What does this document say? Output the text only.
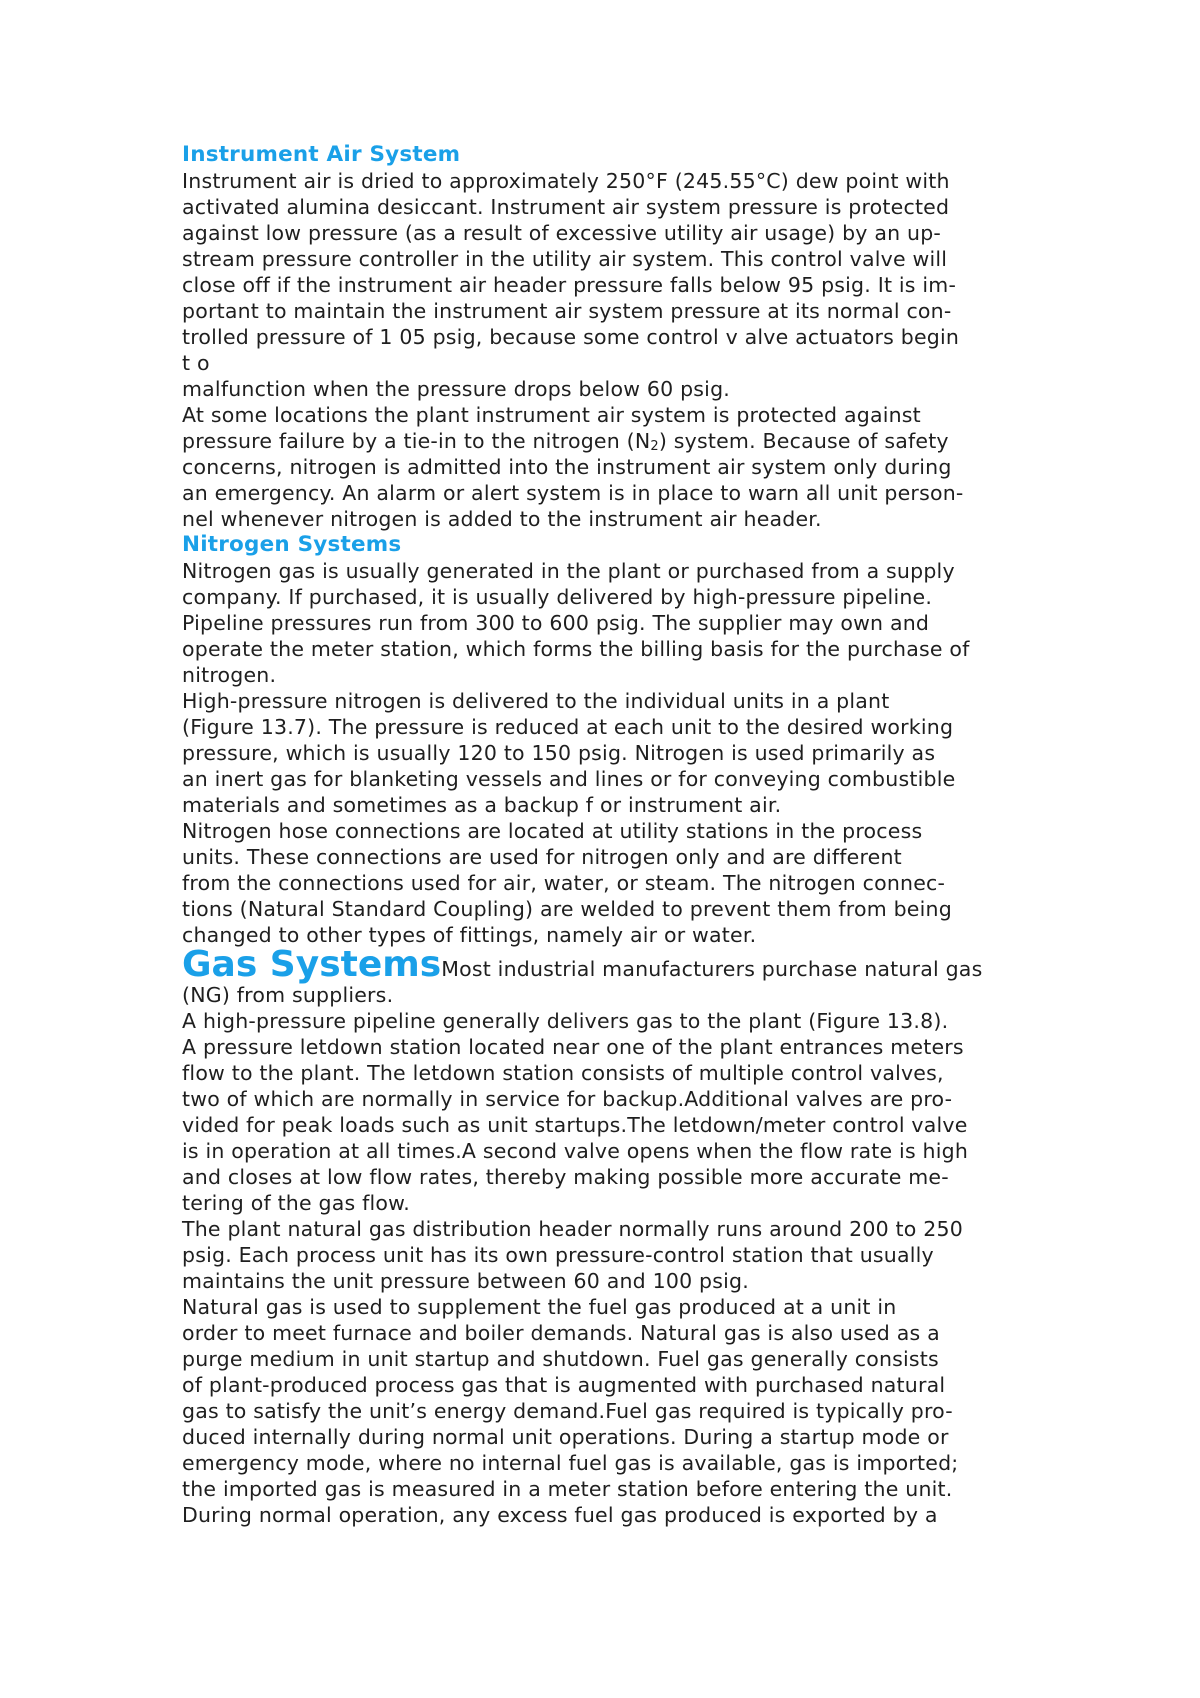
Instrument Air System
Instrument air is dried to approximately 250°F (245.55°C) dew point with
activated alumina desiccant. Instrument air system pressure is protected
against low pressure (as a result of excessive utility air usage) by an up-
stream pressure controller in the utility air system. This control valve will
close off if the instrument air header pressure falls below 95 psig. It is im-
portant to maintain the instrument air system pressure at its normal con-
trolled pressure of 1 05 psig, because some control v alve actuators begin
t o
malfunction when the pressure drops below 60 psig.
At some locations the plant instrument air system is protected against
pressure failure by a tie-in to the nitrogen (N2) system. Because of safety
concerns, nitrogen is admitted into the instrument air system only during
an emergency. An alarm or alert system is in place to warn all unit person-
nel whenever nitrogen is added to the instrument air header.
Nitrogen Systems
Nitrogen gas is usually generated in the plant or purchased from a supply
company. If purchased, it is usually delivered by high-pressure pipeline.
Pipeline pressures run from 300 to 600 psig. The supplier may own and
operate the meter station, which forms the billing basis for the purchase of
nitrogen.
High-pressure nitrogen is delivered to the individual units in a plant
(Figure 13.7). The pressure is reduced at each unit to the desired working
pressure, which is usually 120 to 150 psig. Nitrogen is used primarily as
an inert gas for blanketing vessels and lines or for conveying combustible
materials and sometimes as a backup f or instrument air.
Nitrogen hose connections are located at utility stations in the process
units. These connections are used for nitrogen only and are different
from the connections used for air, water, or steam. The nitrogen connec-
tions (Natural Standard Coupling) are welded to prevent them from being
changed to other types of fittings, namely air or water.
Gas SystemsMost industrial manufacturers purchase natural gas
(NG) from suppliers.
A high-pressure pipeline generally delivers gas to the plant (Figure 13.8).
A pressure letdown station located near one of the plant entrances meters
flow to the plant. The letdown station consists of multiple control valves,
two of which are normally in service for backup.Additional valves are pro-
vided for peak loads such as unit startups.The letdown/meter control valve
is in operation at all times.A second valve opens when the flow rate is high
and closes at low flow rates, thereby making possible more accurate me-
tering of the gas flow.
The plant natural gas distribution header normally runs around 200 to 250
psig. Each process unit has its own pressure-control station that usually
maintains the unit pressure between 60 and 100 psig.
Natural gas is used to supplement the fuel gas produced at a unit in
order to meet furnace and boiler demands. Natural gas is also used as a
purge medium in unit startup and shutdown. Fuel gas generally consists
of plant-produced process gas that is augmented with purchased natural
gas to satisfy the unit’s energy demand.Fuel gas required is typically pro-
duced internally during normal unit operations. During a startup mode or
emergency mode, where no internal fuel gas is available, gas is imported;
the imported gas is measured in a meter station before entering the unit.
During normal operation, any excess fuel gas produced is exported by a
